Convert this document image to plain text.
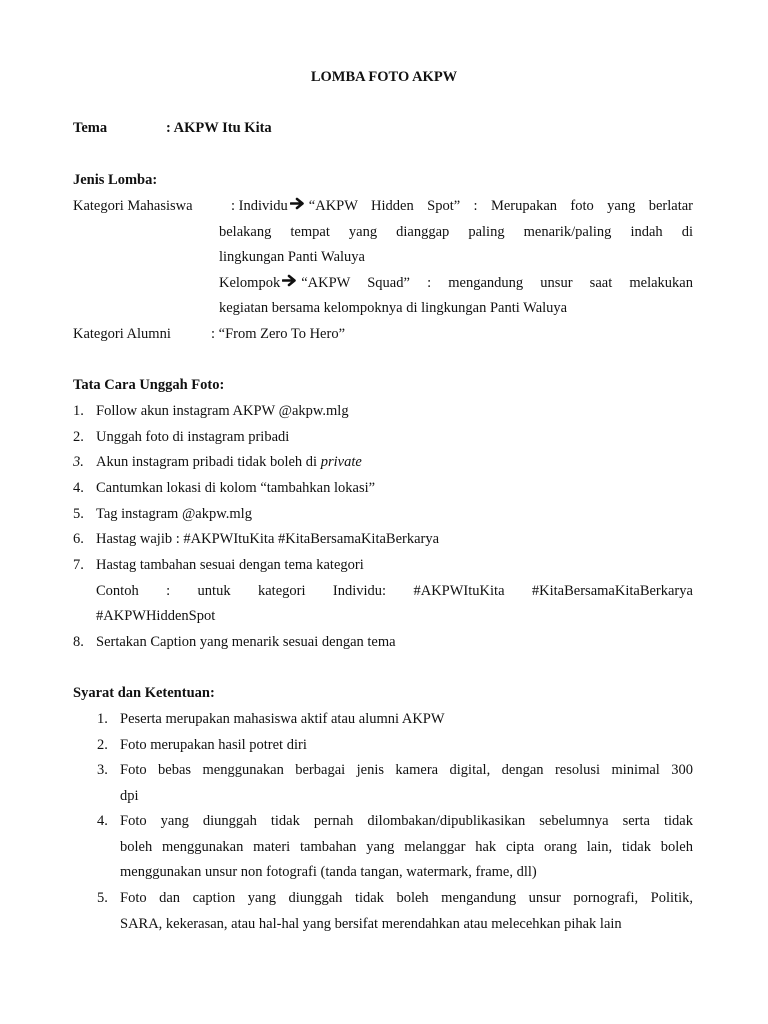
LOMBA FOTO AKPW
Tema	: AKPW Itu Kita
Jenis Lomba:
Kategori Mahasiswa	: Individu “AKPW Hidden Spot” : Merupakan foto yang berlatar
belakang tempat yang dianggap paling menarik/paling indah di
lingkungan Panti Waluya
Kelompok “AKPW Squad” : mengandung unsur saat melakukan
kegiatan bersama kelompoknya di lingkungan Panti Waluya
Kategori Alumni	: “From Zero To Hero”
Tata Cara Unggah Foto:
1. Follow akun instagram AKPW @akpw.mlg
2. Unggah foto di instagram pribadi
3. Akun instagram pribadi tidak boleh di private
4. Cantumkan lokasi di kolom “tambahkan lokasi”
5. Tag instagram @akpw.mlg
6. Hastag wajib : #AKPWItuKita #KitaBersamaKitaBerkarya
7. Hastag tambahan sesuai dengan tema kategori
Contoh : untuk kategori Individu: #AKPWItuKita #KitaBersamaKitaBerkarya
#AKPWHiddenSpot
8. Sertakan Caption yang menarik sesuai dengan tema
Syarat dan Ketentuan:
1. Peserta merupakan mahasiswa aktif atau alumni AKPW
2. Foto merupakan hasil potret diri
3. Foto bebas menggunakan berbagai jenis kamera digital, dengan resolusi minimal 300
dpi
4. Foto yang diunggah tidak pernah dilombakan/dipublikasikan sebelumnya serta tidak
boleh menggunakan materi tambahan yang melanggar hak cipta orang lain, tidak boleh
menggunakan unsur non fotografi (tanda tangan, watermark, frame, dll)
5. Foto dan caption yang diunggah tidak boleh mengandung unsur pornografi, Politik,
SARA, kekerasan, atau hal-hal yang bersifat merendahkan atau melecehkan pihak lain
